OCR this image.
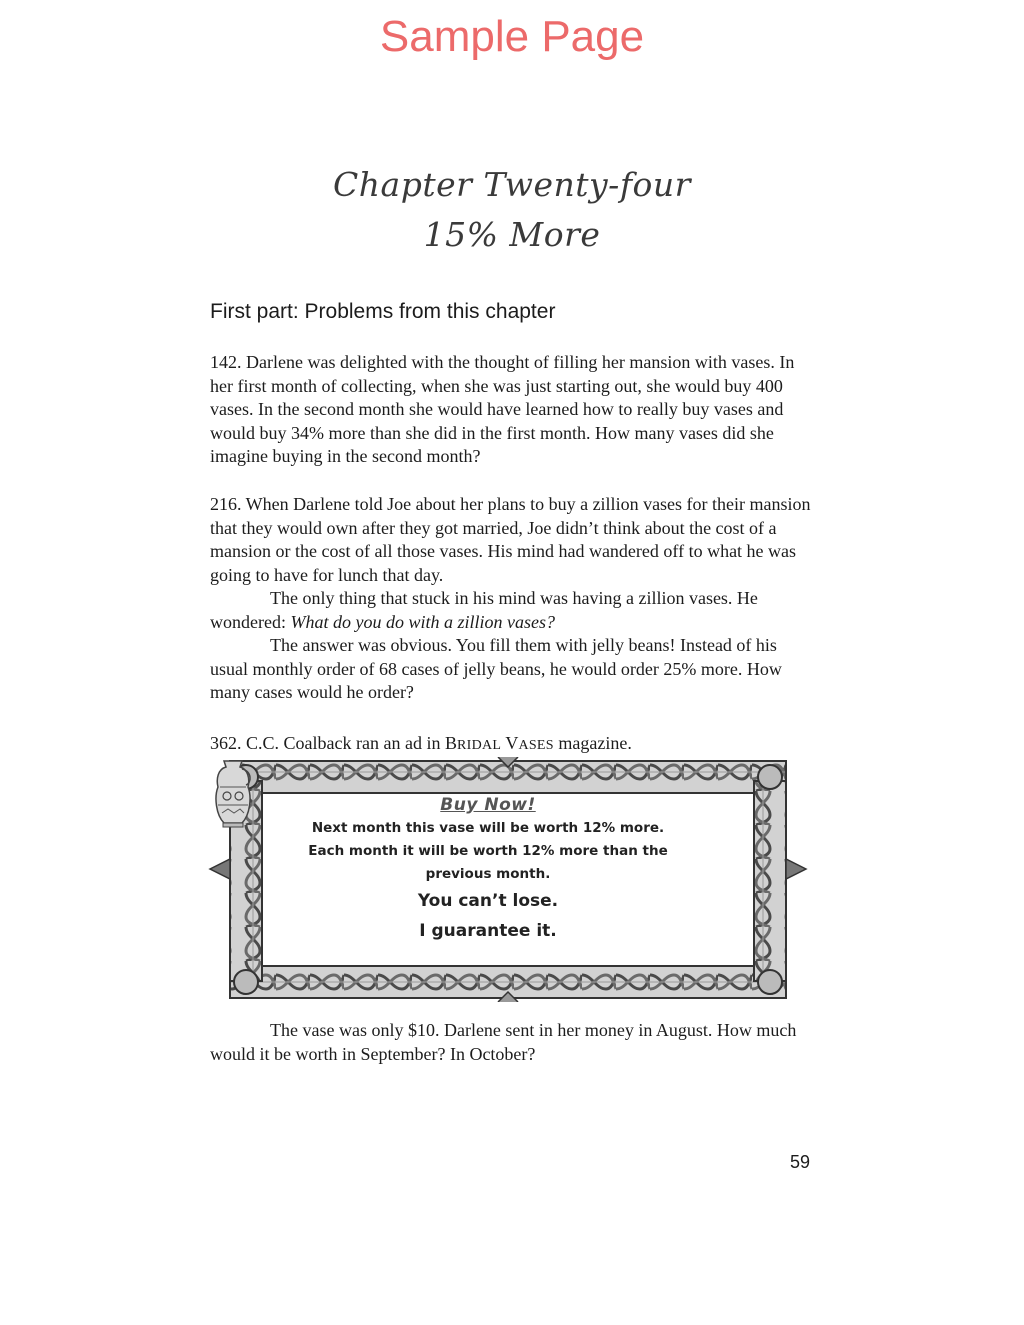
Sample Page
Chapter Twenty-four
15% More
First part: Problems from this chapter

142. Darlene was delighted with the thought of filling her mansion with vases. In her first month of collecting, when she was just starting out, she would buy 400 vases. In the second month she would have learned how to really buy vases and would buy 34% more than she did in the first month. How many vases did she imagine buying in the second month?

216. When Darlene told Joe about her plans to buy a zillion vases for their mansion that they would own after they got married, Joe didn’t think about the cost of a mansion or the cost of all those vases. His mind had wandered off to what he was going to have for lunch that day.
The only thing that stuck in his mind was having a zillion vases. He wondered: What do you do with a zillion vases?
The answer was obvious. You fill them with jelly beans! Instead of his usual monthly order of 68 cases of jelly beans, he would order 25% more. How many cases would he order?

362. C.C. Coalback ran an ad in BRIDAL VASES magazine.

Buy Now!
Next month this vase will be worth 12% more.
Each month it will be worth 12% more than the
previous month.
You can’t lose.
I guarantee it.

The vase was only $10. Darlene sent in her money in August. How much would it be worth in September? In October?

59
